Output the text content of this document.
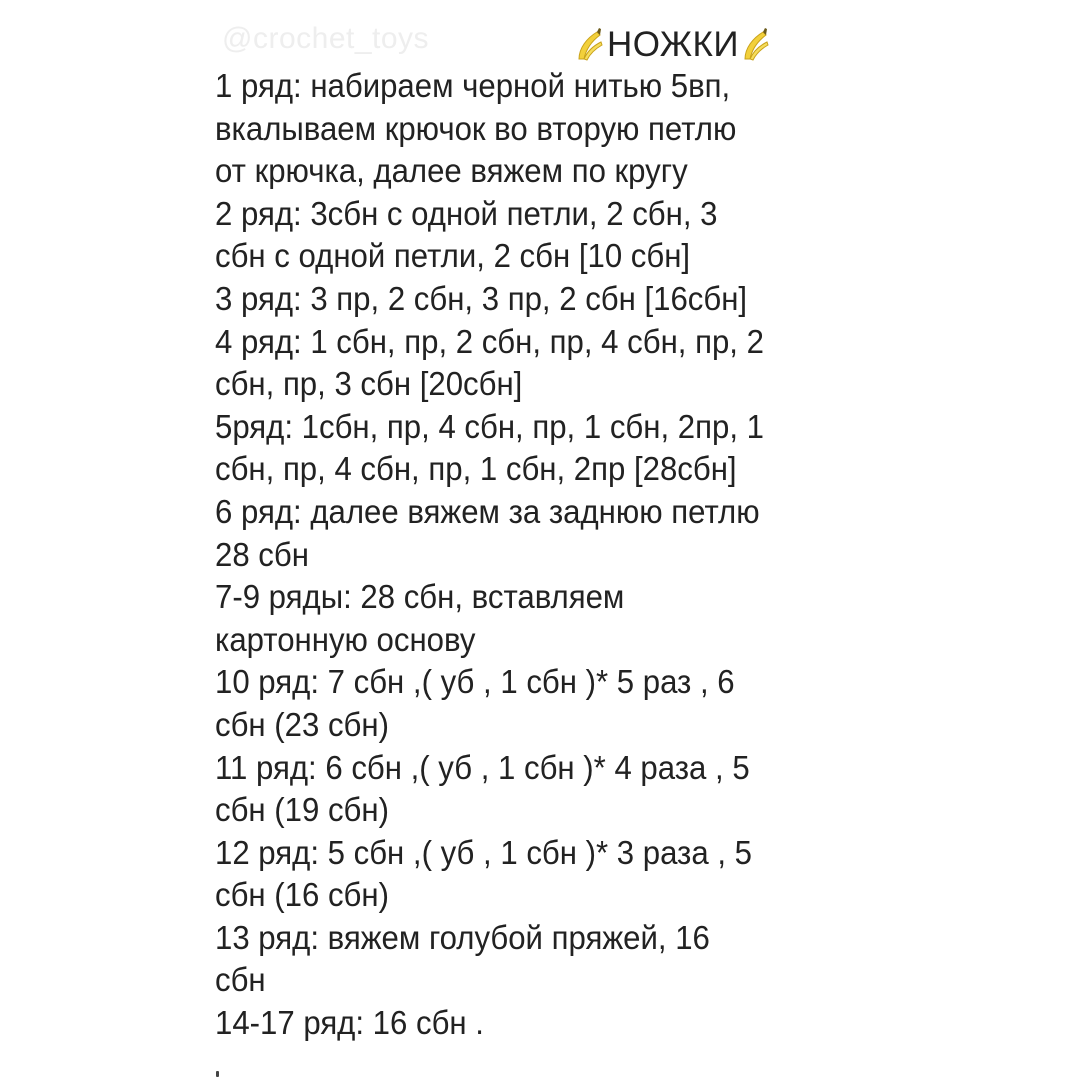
@crochet_toys	НОЖКИ
1 ряд: набираем черной нитью 5вп,
вкалываем крючок во вторую петлю
от крючка, далее вяжем по кругу
2 ряд: 3сбн с одной петли, 2 сбн, 3
сбн с одной петли, 2 сбн [10 сбн]
3 ряд: 3 пр, 2 сбн, 3 пр, 2 сбн [16сбн]
4 ряд: 1 сбн, пр, 2 сбн, пр, 4 сбн, пр, 2
сбн, пр, 3 сбн [20сбн]
5ряд: 1сбн, пр, 4 сбн, пр, 1 сбн, 2пр, 1
сбн, пр, 4 сбн, пр, 1 сбн, 2пр [28сбн]
6 ряд: далее вяжем за заднюю петлю
28 сбн
7-9 ряды: 28 сбн, вставляем
картонную основу
10 ряд: 7 сбн ,( уб , 1 сбн )* 5 раз , 6
сбн (23 сбн)
11 ряд: 6 сбн ,( уб , 1 сбн )* 4 раза , 5
сбн (19 сбн)
12 ряд: 5 сбн ,( уб , 1 сбн )* 3 раза , 5
сбн (16 сбн)
13 ряд: вяжем голубой пряжей, 16
сбн
14-17 ряд: 16 сбн .
